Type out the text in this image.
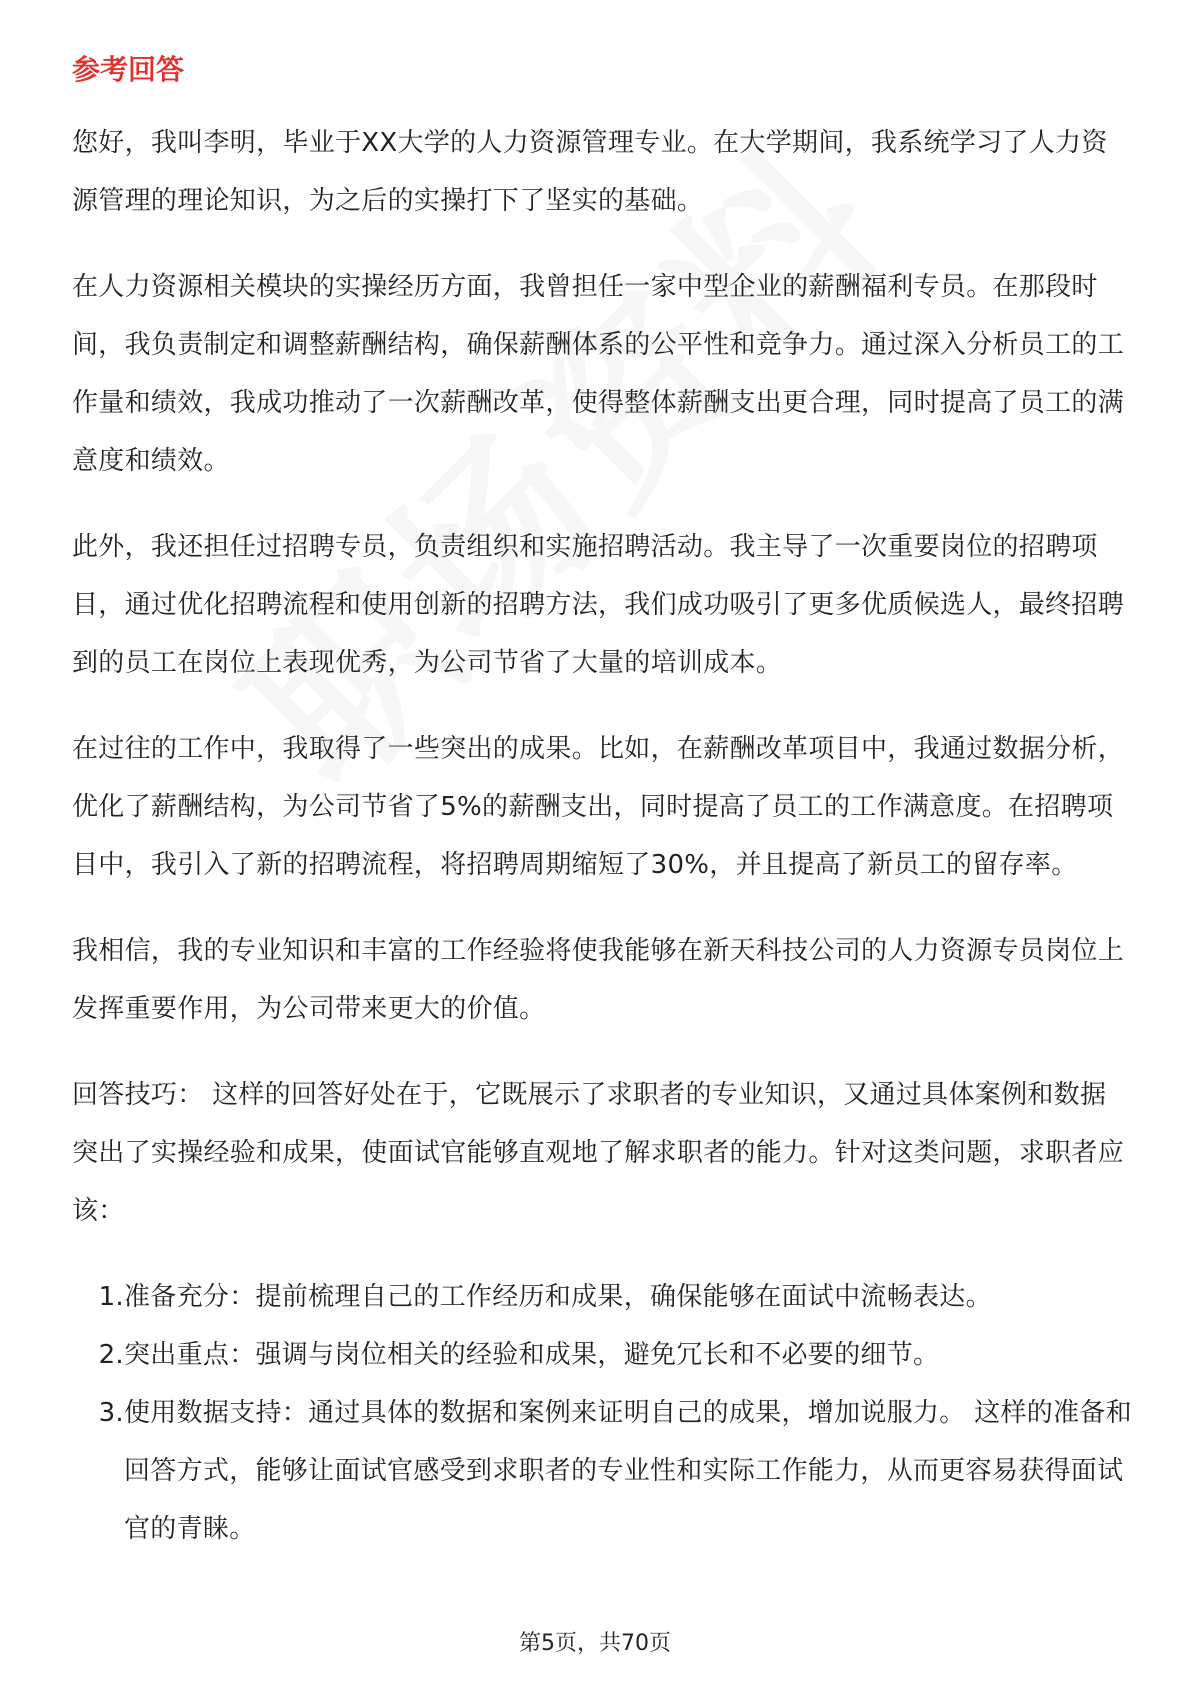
参考回答

您好，我叫李明，毕业于XX大学的人力资源管理专业。在大学期间，我系统学习了人力资源管理的理论知识，为之后的实操打下了坚实的基础。

在人力资源相关模块的实操经历方面，我曾担任一家中型企业的薪酬福利专员。在那段时间，我负责制定和调整薪酬结构，确保薪酬体系的公平性和竞争力。通过深入分析员工的工作量和绩效，我成功推动了一次薪酬改革，使得整体薪酬支出更合理，同时提高了员工的满意度和绩效。

此外，我还担任过招聘专员，负责组织和实施招聘活动。我主导了一次重要岗位的招聘项目，通过优化招聘流程和使用创新的招聘方法，我们成功吸引了更多优质候选人，最终招聘到的员工在岗位上表现优秀，为公司节省了大量的培训成本。

在过往的工作中，我取得了一些突出的成果。比如，在薪酬改革项目中，我通过数据分析，优化了薪酬结构，为公司节省了5%的薪酬支出，同时提高了员工的工作满意度。在招聘项目中，我引入了新的招聘流程，将招聘周期缩短了30%，并且提高了新员工的留存率。

我相信，我的专业知识和丰富的工作经验将使我能够在新天科技公司的人力资源专员岗位上发挥重要作用，为公司带来更大的价值。

回答技巧： 这样的回答好处在于，它既展示了求职者的专业知识，又通过具体案例和数据突出了实操经验和成果，使面试官能够直观地了解求职者的能力。针对这类问题，求职者应该：

1. 准备充分：提前梳理自己的工作经历和成果，确保能够在面试中流畅表达。
2. 突出重点：强调与岗位相关的经验和成果，避免冗长和不必要的细节。
3. 使用数据支持：通过具体的数据和案例来证明自己的成果，增加说服力。 这样的准备和回答方式，能够让面试官感受到求职者的专业性和实际工作能力，从而更容易获得面试官的青睐。
第5页，共70页
